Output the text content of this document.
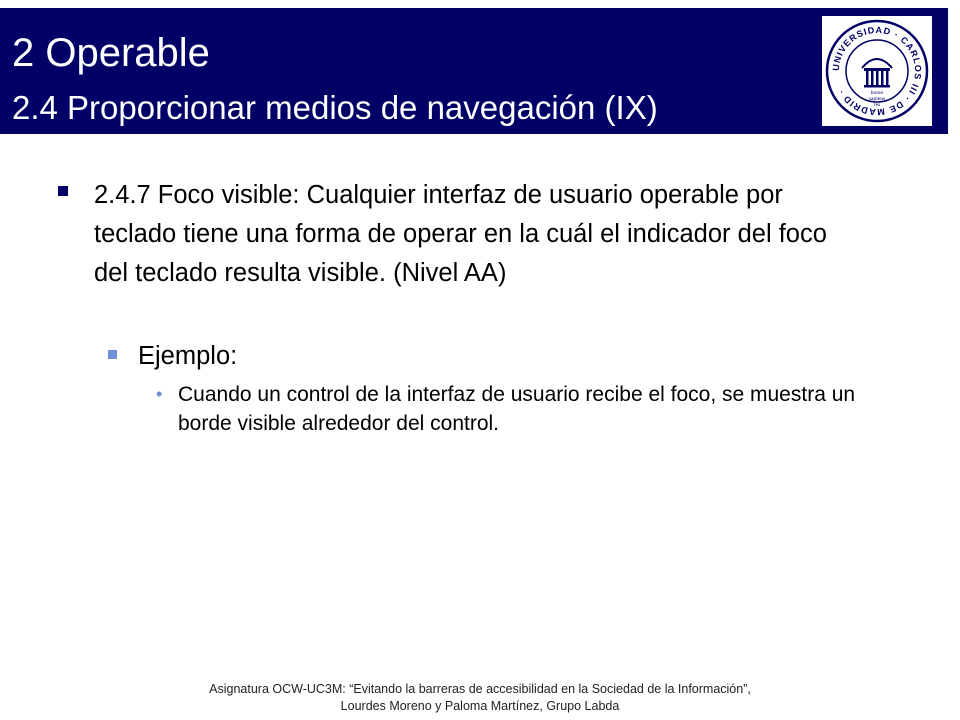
2 Operable
2.4 Proporcionar medios de navegación (IX)
UNIVERSIDAD · CARLOS III · DE MADRID ·	homo
sapiens
res
2.4.7 Foco visible: Cualquier interfaz de usuario operable por teclado tiene una forma de operar en la cuál el indicador del foco del teclado resulta visible. (Nivel AA)
Ejemplo:
• Cuando un control de la interfaz de usuario recibe el foco, se muestra un borde visible alrededor del control.
Asignatura OCW-UC3M: “Evitando la barreras de accesibilidad en la Sociedad de la Información”,
Lourdes Moreno y Paloma Martínez, Grupo Labda
